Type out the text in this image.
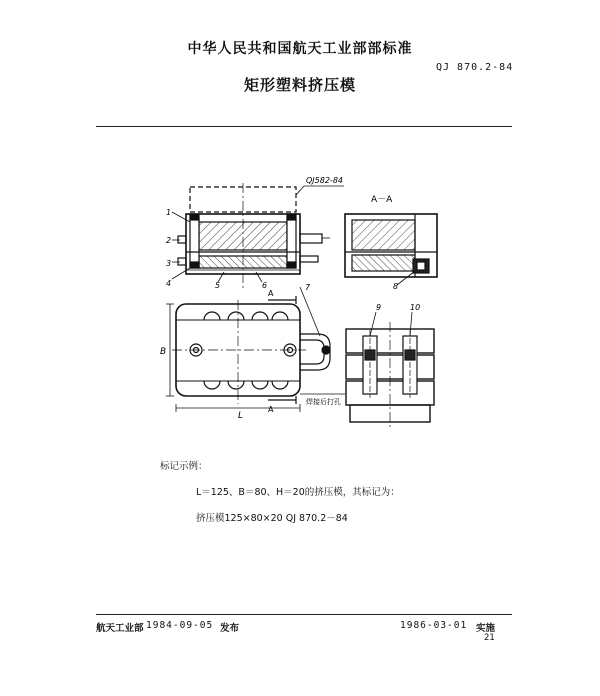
中华人民共和国航天工业部部标准
矩形塑料挤压模
QJ 870.2-84
QJ582-84
A－A
1
2
3
4	5	6	7	8
9	10
A
A
B
L
焊接后打孔
标记示例：
L＝125、B＝80、H＝20的挤压模，其标记为：
挤压模125×80×20 QJ 870.2－84
航天工业部 1984-09-05 发布	1986-03-01 实施
21
